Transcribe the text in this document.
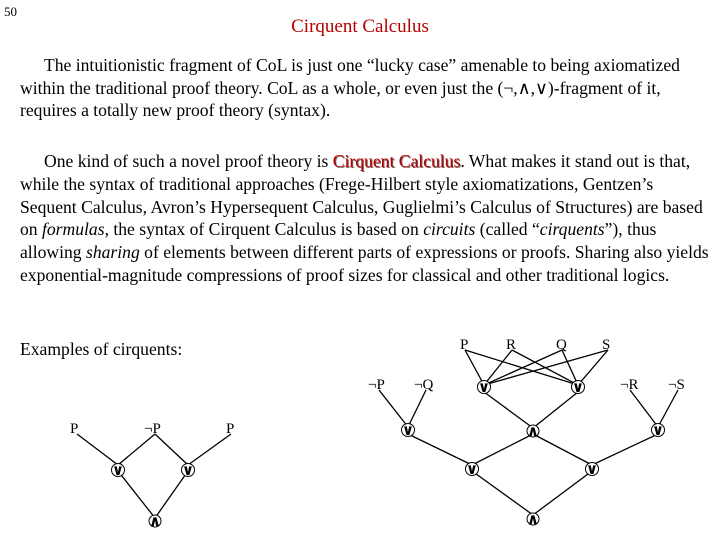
50
Cirquent Calculus

The intuitionistic fragment of CoL is just one “lucky case” amenable to being axiomatized within the traditional proof theory. CoL as a whole, or even just the (¬,∧,∨)-fragment of it, requires a totally new proof theory (syntax).

One kind of such a novel proof theory is Cirquent Calculus. What makes it stand out is that, while the syntax of traditional approaches (Frege-Hilbert style axiomatizations, Gentzen’s Sequent Calculus, Avron’s Hypersequent Calculus, Guglielmi’s Calculus of Structures) are based on formulas, the syntax of Cirquent Calculus is based on circuits (called “cirquents”), thus allowing sharing of elements between different parts of expressions or proofs. Sharing also yields exponential-magnitude compressions of proof sizes for classical and other traditional logics.

Examples of cirquents:
P	¬P	P
∨	∨
∧
P	R	Q S
¬P ¬Q	¬R ¬S
∨	∨
∨	∧	∨
∨	∨
∧
